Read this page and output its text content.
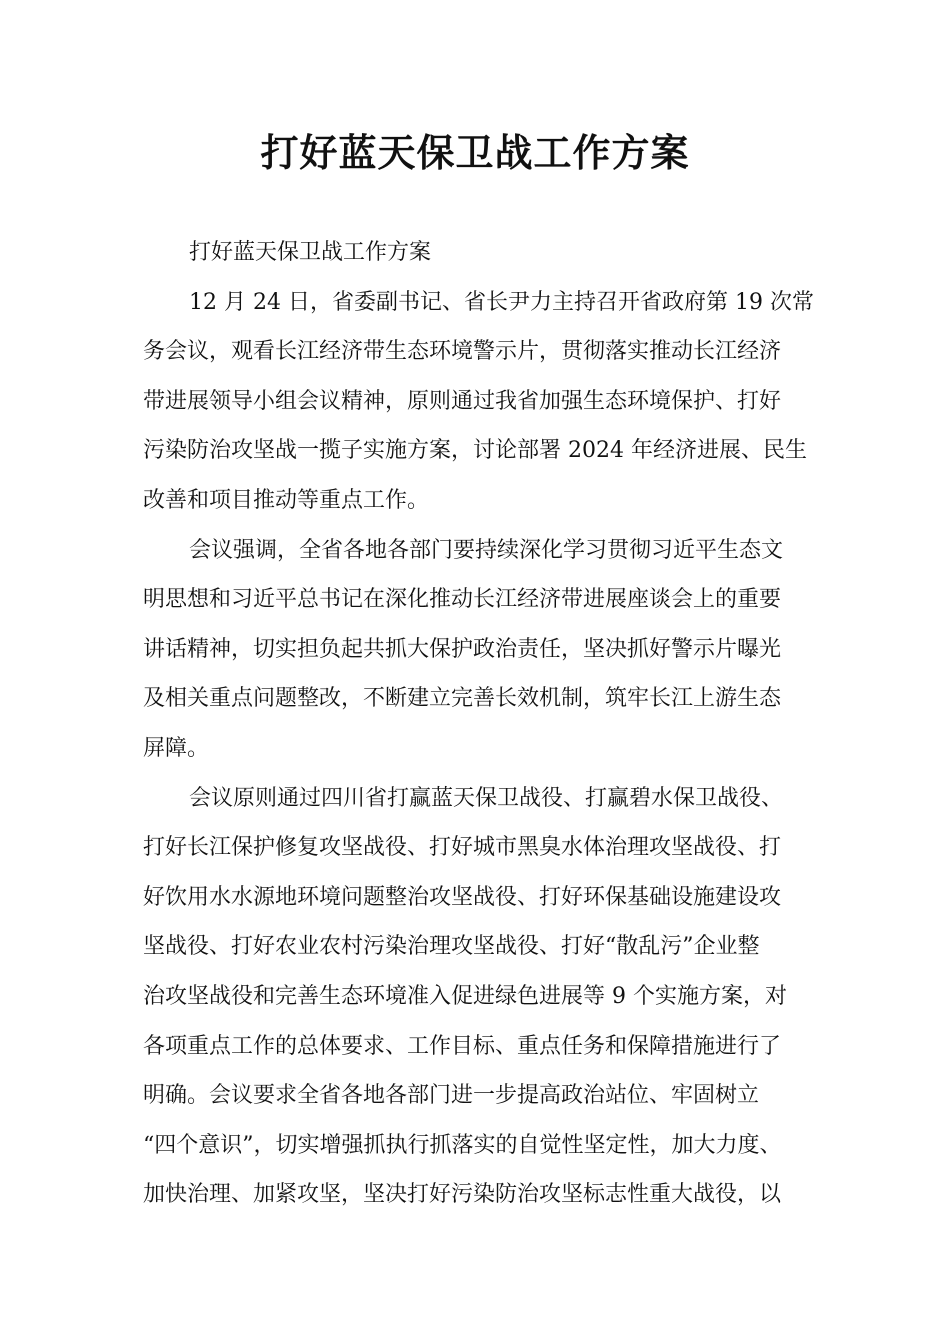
打好蓝天保卫战工作方案
打好蓝天保卫战工作方案
12 月 24 日，省委副书记、省长尹力主持召开省政府第 19 次常
务会议，观看长江经济带生态环境警示片，贯彻落实推动长江经济
带进展领导小组会议精神，原则通过我省加强生态环境保护、打好
污染防治攻坚战一揽子实施方案，讨论部署 2024 年经济进展、民生
改善和项目推动等重点工作。
会议强调，全省各地各部门要持续深化学习贯彻习近平生态文
明思想和习近平总书记在深化推动长江经济带进展座谈会上的重要
讲话精神，切实担负起共抓大保护政治责任，坚决抓好警示片曝光
及相关重点问题整改，不断建立完善长效机制，筑牢长江上游生态
屏障。
会议原则通过四川省打赢蓝天保卫战役、打赢碧水保卫战役、
打好长江保护修复攻坚战役、打好城市黑臭水体治理攻坚战役、打
好饮用水水源地环境问题整治攻坚战役、打好环保基础设施建设攻
坚战役、打好农业农村污染治理攻坚战役、打好“散乱污”企业整
治攻坚战役和完善生态环境准入促进绿色进展等 9 个实施方案，对
各项重点工作的总体要求、工作目标、重点任务和保障措施进行了
明确。会议要求全省各地各部门进一步提高政治站位、牢固树立
“四个意识”，切实增强抓执行抓落实的自觉性坚定性，加大力度、
加快治理、加紧攻坚，坚决打好污染防治攻坚标志性重大战役，以
